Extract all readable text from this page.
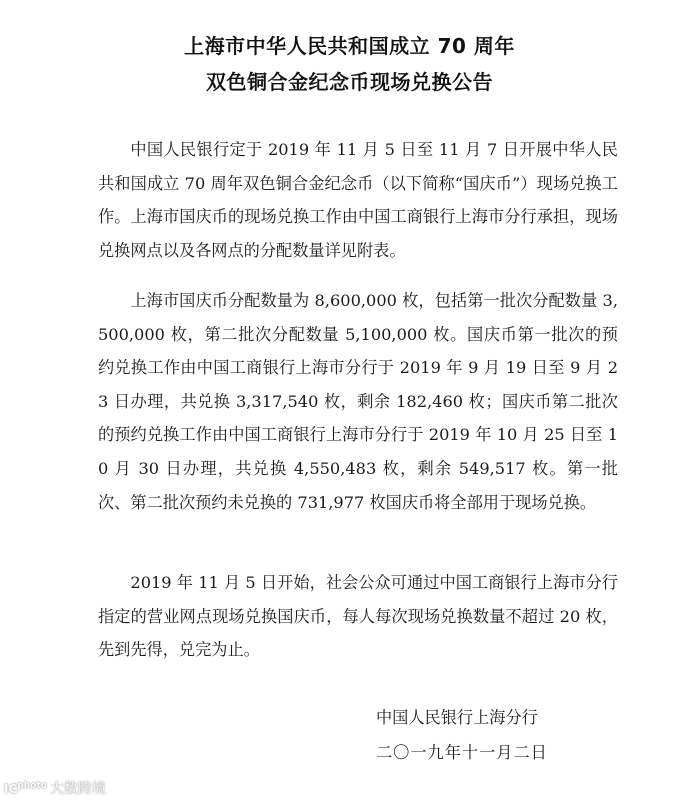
上海市中华人民共和国成立 70 周年
双色铜合金纪念币现场兑换公告

中国人民银行定于 2019 年 11 月 5 日至 11 月 7 日开展中华人民共和国成立 70 周年双色铜合金纪念币（以下简称“国庆币”）现场兑换工作。上海市国庆币的现场兑换工作由中国工商银行上海市分行承担，现场兑换网点以及各网点的分配数量详见附表。

上海市国庆币分配数量为 8,600,000 枚，包括第一批次分配数量 3,500,000 枚，第二批次分配数量 5,100,000 枚。国庆币第一批次的预约兑换工作由中国工商银行上海市分行于 2019 年 9 月 19 日至 9 月 23 日办理，共兑换 3,317,540 枚，剩余 182,460 枚；国庆币第二批次的预约兑换工作由中国工商银行上海市分行于 2019 年 10 月 25 日至 10 月 30 日办理，共兑换 4,550,483 枚，剩余 549,517 枚。第一批次、第二批次预约未兑换的 731,977 枚国庆币将全部用于现场兑换。

2019 年 11 月 5 日开始，社会公众可通过中国工商银行上海市分行指定的营业网点现场兑换国庆币，每人每次现场兑换数量不超过 20 枚，先到先得，兑完为止。

中国人民银行上海分行
二〇一九年十一月二日
$IC^{photo}$ 大数跨境
